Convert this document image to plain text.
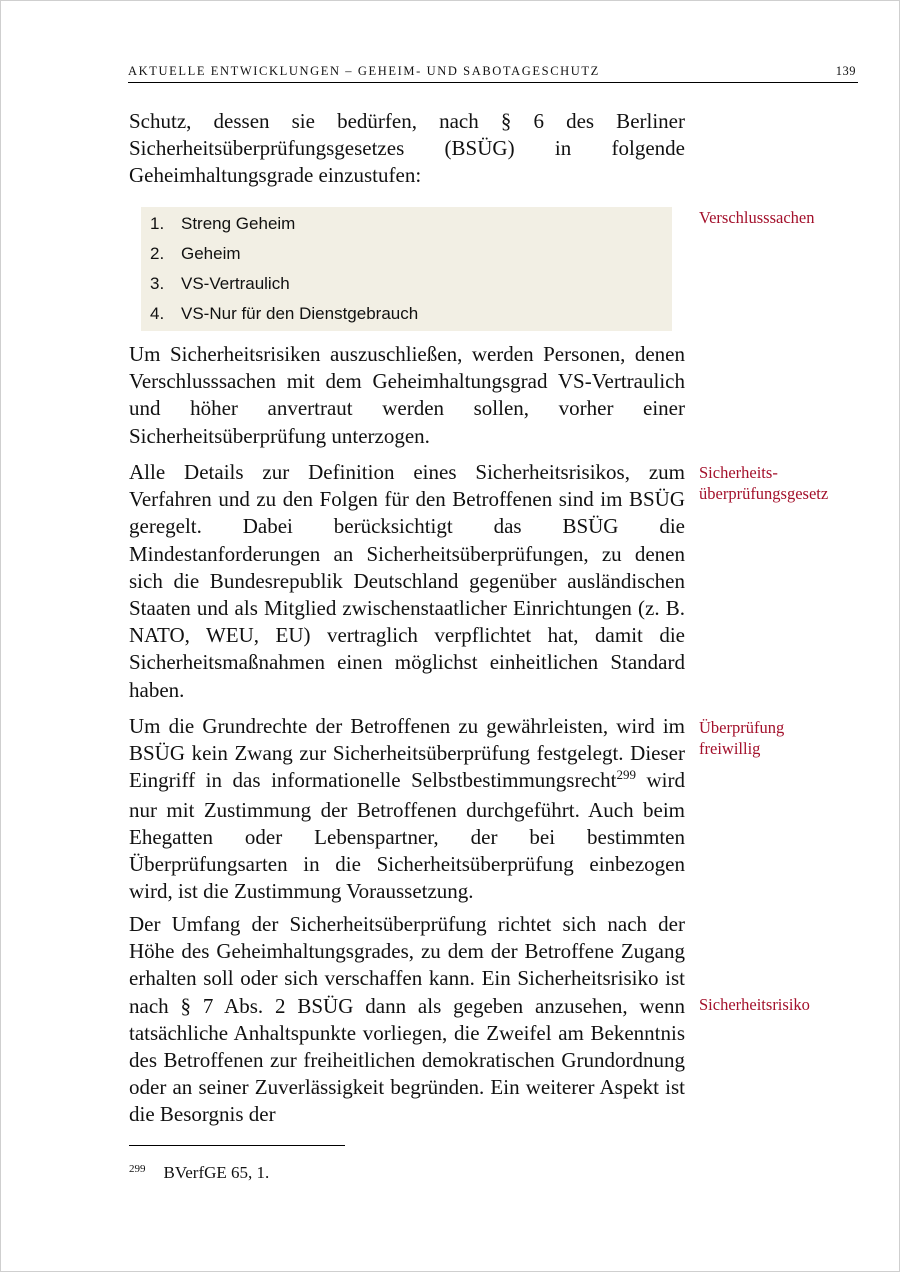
AKTUELLE ENTWICKLUNGEN – GEHEIM- UND SABOTAGESCHUTZ	139

Schutz, dessen sie bedürfen, nach § 6 des Berliner Sicherheitsüberprüfungsgesetzes (BSÜG) in folgende Geheimhaltungsgrade einzustufen:

1. Streng Geheim
2. Geheim
3. VS-Vertraulich
4. VS-Nur für den Dienstgebrauch

Um Sicherheitsrisiken auszuschließen, werden Personen, denen Verschlusssachen mit dem Geheimhaltungsgrad VS-Vertraulich und höher anvertraut werden sollen, vorher einer Sicherheitsüberprüfung unterzogen.

Alle Details zur Definition eines Sicherheitsrisikos, zum Verfahren und zu den Folgen für den Betroffenen sind im BSÜG geregelt. Dabei berücksichtigt das BSÜG die Mindestanforderungen an Sicherheitsüberprüfungen, zu denen sich die Bundesrepublik Deutschland gegenüber ausländischen Staaten und als Mitglied zwischenstaatlicher Einrichtungen (z. B. NATO, WEU, EU) vertraglich verpflichtet hat, damit die Sicherheitsmaßnahmen einen möglichst einheitlichen Standard haben.

Um die Grundrechte der Betroffenen zu gewährleisten, wird im BSÜG kein Zwang zur Sicherheitsüberprüfung festgelegt. Dieser Eingriff in das informationelle Selbstbestimmungsrecht$^{299}$ wird nur mit Zustimmung der Betroffenen durchgeführt. Auch beim Ehegatten oder Lebenspartner, der bei bestimmten Überprüfungsarten in die Sicherheitsüberprüfung einbezogen wird, ist die Zustimmung Voraussetzung.

Der Umfang der Sicherheitsüberprüfung richtet sich nach der Höhe des Geheimhaltungsgrades, zu dem der Betroffene Zugang erhalten soll oder sich verschaffen kann. Ein Sicherheitsrisiko ist nach § 7 Abs. 2 BSÜG dann als gegeben anzusehen, wenn tatsächliche Anhaltspunkte vorliegen, die Zweifel am Bekenntnis des Betroffenen zur freiheitlichen demokratischen Grundordnung oder an seiner Zuverlässigkeit begründen. Ein weiterer Aspekt ist die Besorgnis der

Verschlusssachen
Sicherheits-
überprüfungsgesetz
Überprüfung
freiwillig
Sicherheitsrisiko
$^{299}$ BVerfGE 65, 1.
